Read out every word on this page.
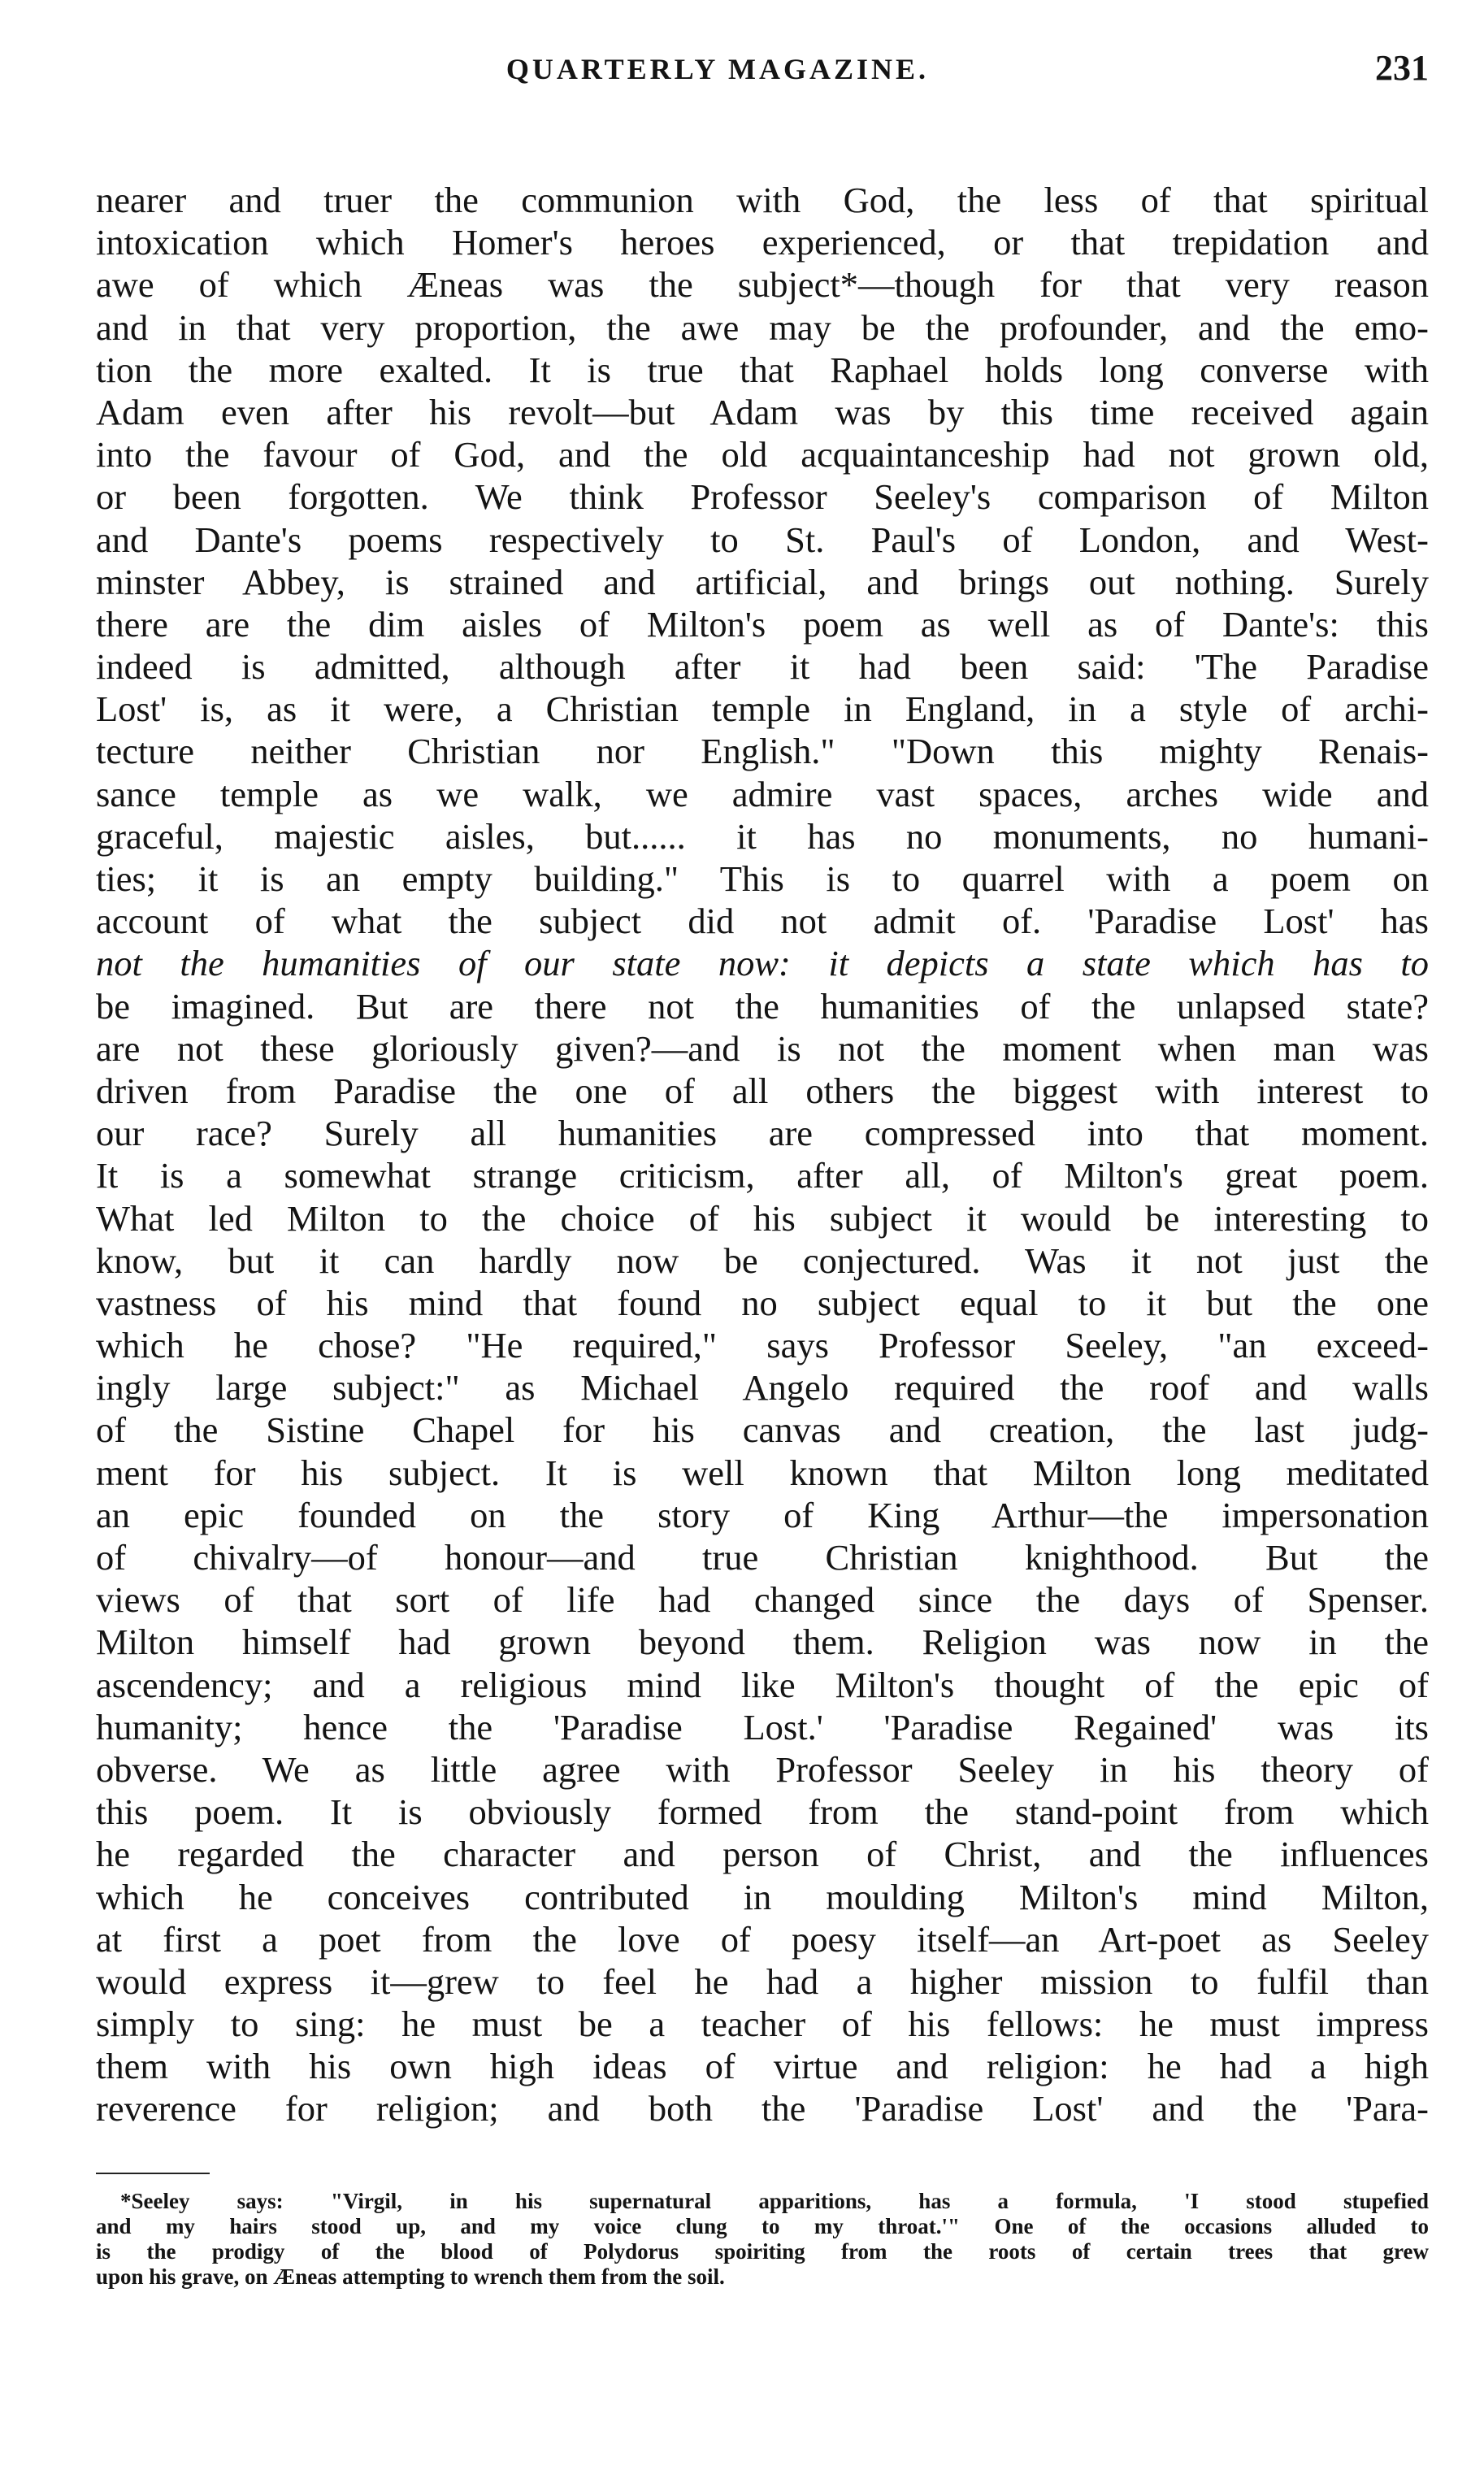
QUARTERLY MAGAZINE.	231
nearer and truer the communion with God, the less of that spiritual
intoxication which Homer's heroes experienced, or that trepidation and
awe of which Æneas was the subject*—though for that very reason
and in that very proportion, the awe may be the profounder, and the emo-
tion the more exalted. It is true that Raphael holds long converse with
Adam even after his revolt—but Adam was by this time received again
into the favour of God, and the old acquaintanceship had not grown old,
or been forgotten. We think Professor Seeley's comparison of Milton
and Dante's poems respectively to St. Paul's of London, and West-
minster Abbey, is strained and artificial, and brings out nothing. Surely
there are the dim aisles of Milton's poem as well as of Dante's: this
indeed is admitted, although after it had been said: 'The Paradise
Lost' is, as it were, a Christian temple in England, in a style of archi-
tecture neither Christian nor English." "Down this mighty Renais-
sance temple as we walk, we admire vast spaces, arches wide and
graceful, majestic aisles, but...... it has no monuments, no humani-
ties; it is an empty building." This is to quarrel with a poem on
account of what the subject did not admit of. 'Paradise Lost' has
not the humanities of our state now: it depicts a state which has to
be imagined. But are there not the humanities of the unlapsed state?
are not these gloriously given?—and is not the moment when man was
driven from Paradise the one of all others the biggest with interest to
our race? Surely all humanities are compressed into that moment.
It is a somewhat strange criticism, after all, of Milton's great poem.
What led Milton to the choice of his subject it would be interesting to
know, but it can hardly now be conjectured. Was it not just the
vastness of his mind that found no subject equal to it but the one
which he chose? "He required," says Professor Seeley, "an exceed-
ingly large subject:" as Michael Angelo required the roof and walls
of the Sistine Chapel for his canvas and creation, the last judg-
ment for his subject. It is well known that Milton long meditated
an epic founded on the story of King Arthur—the impersonation
of chivalry—of honour—and true Christian knighthood. But the
views of that sort of life had changed since the days of Spenser.
Milton himself had grown beyond them. Religion was now in the
ascendency; and a religious mind like Milton's thought of the epic of
humanity; hence the 'Paradise Lost.' 'Paradise Regained' was its
obverse. We as little agree with Professor Seeley in his theory of
this poem. It is obviously formed from the stand-point from which
he regarded the character and person of Christ, and the influences
which he conceives contributed in moulding Milton's mind Milton,
at first a poet from the love of poesy itself—an Art-poet as Seeley
would express it—grew to feel he had a higher mission to fulfil than
simply to sing: he must be a teacher of his fellows: he must impress
them with his own high ideas of virtue and religion: he had a high
reverence for religion; and both the 'Paradise Lost' and the 'Para-
*Seeley says: "Virgil, in his supernatural apparitions, has a formula, 'I stood stupefied
and my hairs stood up, and my voice clung to my throat.'" One of the occasions alluded to
is the prodigy of the blood of Polydorus spoiriting from the roots of certain trees that grew
upon his grave, on Æneas attempting to wrench them from the soil.
